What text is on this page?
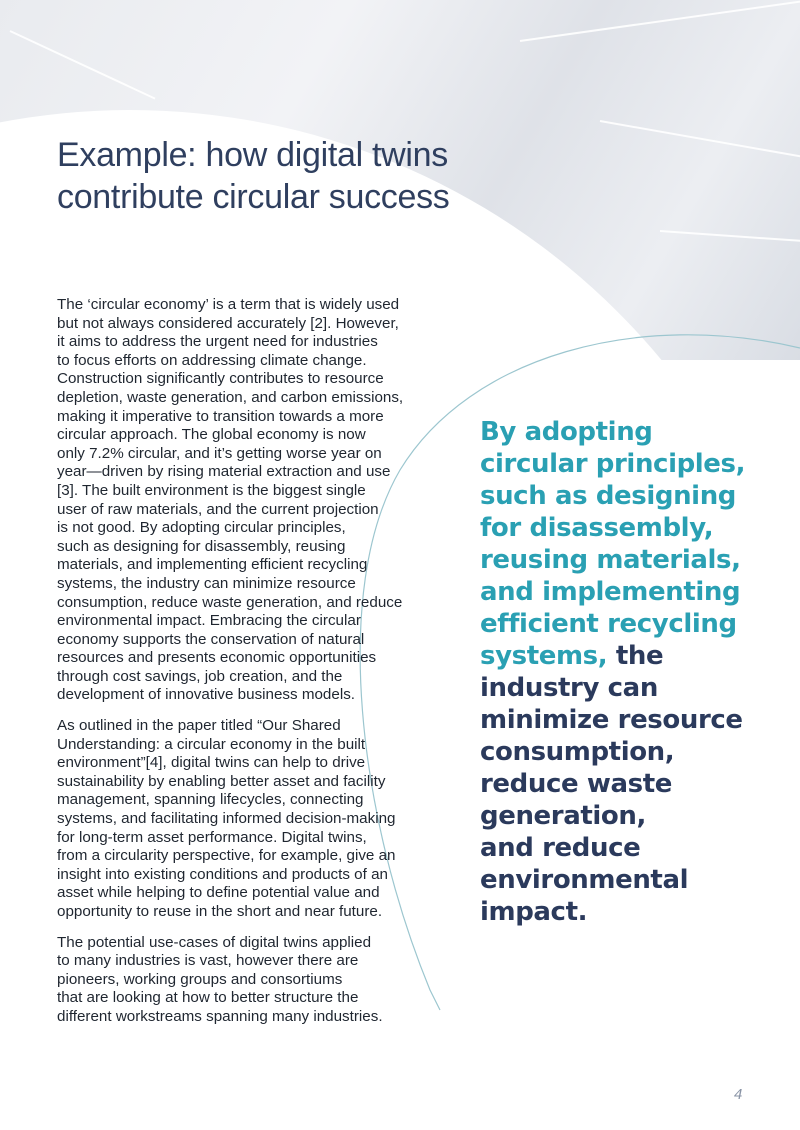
Example: how digital twins
contribute circular success

The ‘circular economy’ is a term that is widely used
but not always considered accurately [2]. However,
it aims to address the urgent need for industries
to focus efforts on addressing climate change.
Construction significantly contributes to resource
depletion, waste generation, and carbon emissions,
making it imperative to transition towards a more
circular approach. The global economy is now
only 7.2% circular, and it’s getting worse year on
year—driven by rising material extraction and use
[3]. The built environment is the biggest single
user of raw materials, and the current projection
is not good. By adopting circular principles,
such as designing for disassembly, reusing
materials, and implementing efficient recycling
systems, the industry can minimize resource
consumption, reduce waste generation, and reduce
environmental impact. Embracing the circular
economy supports the conservation of natural
resources and presents economic opportunities
through cost savings, job creation, and the
development of innovative business models.

As outlined in the paper titled “Our Shared
Understanding: a circular economy in the built
environment”[4], digital twins can help to drive
sustainability by enabling better asset and facility
management, spanning lifecycles, connecting
systems, and facilitating informed decision-making
for long-term asset performance. Digital twins,
from a circularity perspective, for example, give an
insight into existing conditions and products of an
asset while helping to define potential value and
opportunity to reuse in the short and near future.

The potential use-cases of digital twins applied
to many industries is vast, however there are
pioneers, working groups and consortiums
that are looking at how to better structure the
different workstreams spanning many industries.

By adopting
circular principles,
such as designing
for disassembly,
reusing materials,
and implementing
efficient recycling
systems, the
industry can
minimize resource
consumption,
reduce waste
generation,
and reduce
environmental
impact.
4
